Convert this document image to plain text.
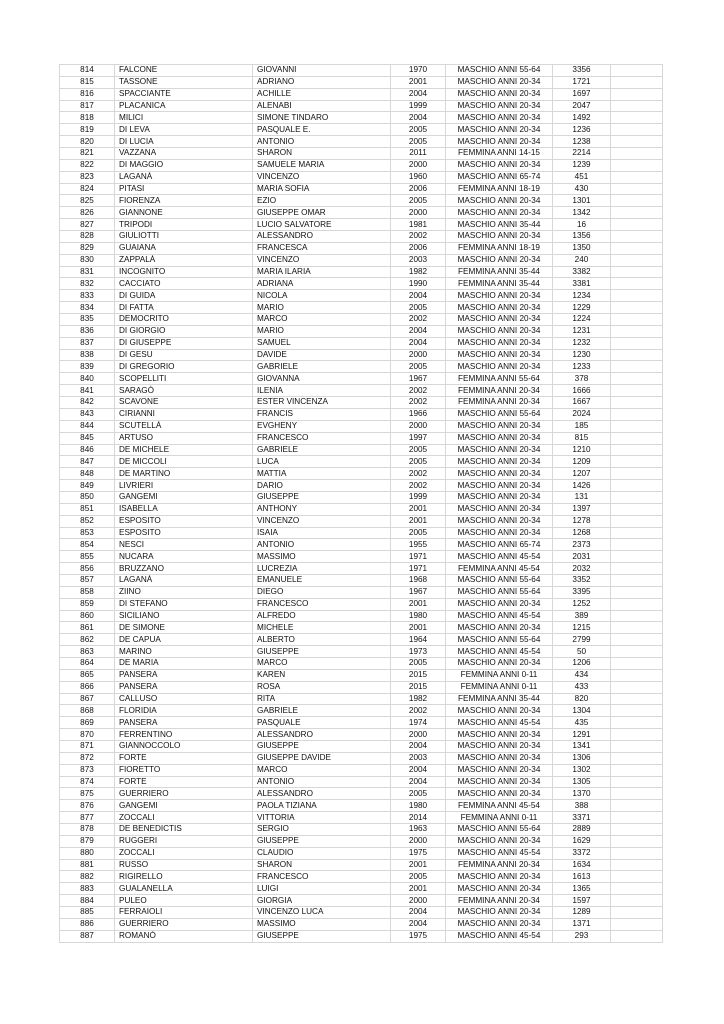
814	FALCONE	GIOVANNI	1970	MASCHIO ANNI 55-64	3356	
815	TASSONE	ADRIANO	2001	MASCHIO ANNI 20-34	1721	
816	SPACCIANTE	ACHILLE	2004	MASCHIO ANNI 20-34	1697	
817	PLACANICA	ALENABI	1999	MASCHIO ANNI 20-34	2047	
818	MILICI	SIMONE TINDARO	2004	MASCHIO ANNI 20-34	1492	
819	DI LEVA	PASQUALE E.	2005	MASCHIO ANNI 20-34	1236	
820	DI LUCIA	ANTONIO	2005	MASCHIO ANNI 20-34	1238	
821	VAZZANA	SHARON	2011	FEMMINA ANNI 14-15	2214	
822	DI MAGGIO	SAMUELE MARIA	2000	MASCHIO ANNI 20-34	1239	
823	LAGANÀ	VINCENZO	1960	MASCHIO ANNI 65-74	451	
824	PITASI	MARIA SOFIA	2006	FEMMINA ANNI 18-19	430	
825	FIORENZA	EZIO	2005	MASCHIO ANNI 20-34	1301	
826	GIANNONE	GIUSEPPE OMAR	2000	MASCHIO ANNI 20-34	1342	
827	TRIPODI	LUCIO SALVATORE	1981	MASCHIO ANNI 35-44	16	
828	GIULIOTTI	ALESSANDRO	2002	MASCHIO ANNI 20-34	1356	
829	GUAIANA	FRANCESCA	2006	FEMMINA ANNI 18-19	1350	
830	ZAPPALÀ	VINCENZO	2003	MASCHIO ANNI 20-34	240	
831	INCOGNITO	MARIA ILARIA	1982	FEMMINA ANNI 35-44	3382	
832	CACCIATO	ADRIANA	1990	FEMMINA ANNI 35-44	3381	
833	DI GUIDA	NICOLA	2004	MASCHIO ANNI 20-34	1234	
834	DI FATTA	MARIO	2005	MASCHIO ANNI 20-34	1229	
835	DEMOCRITO	MARCO	2002	MASCHIO ANNI 20-34	1224	
836	DI GIORGIO	MARIO	2004	MASCHIO ANNI 20-34	1231	
837	DI GIUSEPPE	SAMUEL	2004	MASCHIO ANNI 20-34	1232	
838	DI GESU	DAVIDE	2000	MASCHIO ANNI 20-34	1230	
839	DI GREGORIO	GABRIELE	2005	MASCHIO ANNI 20-34	1233	
840	SCOPELLITI	GIOVANNA	1967	FEMMINA ANNI 55-64	378	
841	SARAGÒ	ILENIA	2002	FEMMINA ANNI 20-34	1666	
842	SCAVONE	ESTER VINCENZA	2002	FEMMINA ANNI 20-34	1667	
843	CIRIANNI	FRANCIS	1966	MASCHIO ANNI 55-64	2024	
844	SCUTELLÀ	EVGHENY	2000	MASCHIO ANNI 20-34	185	
845	ARTUSO	FRANCESCO	1997	MASCHIO ANNI 20-34	815	
846	DE MICHELE	GABRIELE	2005	MASCHIO ANNI 20-34	1210	
847	DE MICCOLI	LUCA	2005	MASCHIO ANNI 20-34	1209	
848	DE MARTINO	MATTIA	2002	MASCHIO ANNI 20-34	1207	
849	LIVRIERI	DARIO	2002	MASCHIO ANNI 20-34	1426	
850	GANGEMI	GIUSEPPE	1999	MASCHIO ANNI 20-34	131	
851	ISABELLA	ANTHONY	2001	MASCHIO ANNI 20-34	1397	
852	ESPOSITO	VINCENZO	2001	MASCHIO ANNI 20-34	1278	
853	ESPOSITO	ISAIA	2005	MASCHIO ANNI 20-34	1268	
854	NESCI	ANTONIO	1955	MASCHIO ANNI 65-74	2373	
855	NUCARA	MASSIMO	1971	MASCHIO ANNI 45-54	2031	
856	BRUZZANO	LUCREZIA	1971	FEMMINA ANNI 45-54	2032	
857	LAGANÀ	EMANUELE	1968	MASCHIO ANNI 55-64	3352	
858	ZIINO	DIEGO	1967	MASCHIO ANNI 55-64	3395	
859	DI STEFANO	FRANCESCO	2001	MASCHIO ANNI 20-34	1252	
860	SICILIANO	ALFREDO	1980	MASCHIO ANNI 45-54	389	
861	DE SIMONE	MICHELE	2001	MASCHIO ANNI 20-34	1215	
862	DE CAPUA	ALBERTO	1964	MASCHIO ANNI 55-64	2799	
863	MARINO	GIUSEPPE	1973	MASCHIO ANNI 45-54	50	
864	DE MARIA	MARCO	2005	MASCHIO ANNI 20-34	1206	
865	PANSERA	KAREN	2015	FEMMINA ANNI 0-11	434	
866	PANSERA	ROSA	2015	FEMMINA ANNI 0-11	433	
867	CALLUSO	RITA	1982	FEMMINA ANNI 35-44	820	
868	FLORIDIA	GABRIELE	2002	MASCHIO ANNI 20-34	1304	
869	PANSERA	PASQUALE	1974	MASCHIO ANNI 45-54	435	
870	FERRENTINO	ALESSANDRO	2000	MASCHIO ANNI 20-34	1291	
871	GIANNOCCOLO	GIUSEPPE	2004	MASCHIO ANNI 20-34	1341	
872	FORTE	GIUSEPPE DAVIDE	2003	MASCHIO ANNI 20-34	1306	
873	FIORETTO	MARCO	2004	MASCHIO ANNI 20-34	1302	
874	FORTE	ANTONIO	2004	MASCHIO ANNI 20-34	1305	
875	GUERRIERO	ALESSANDRO	2005	MASCHIO ANNI 20-34	1370	
876	GANGEMI	PAOLA TIZIANA	1980	FEMMINA ANNI 45-54	388	
877	ZOCCALI	VITTORIA	2014	FEMMINA ANNI 0-11	3371	
878	DE BENEDICTIS	SERGIO	1963	MASCHIO ANNI 55-64	2889	
879	RUGGERI	GIUSEPPE	2000	MASCHIO ANNI 20-34	1629	
880	ZOCCALI	CLAUDIO	1975	MASCHIO ANNI 45-54	3372	
881	RUSSO	SHARON	2001	FEMMINA ANNI 20-34	1634	
882	RIGIRELLO	FRANCESCO	2005	MASCHIO ANNI 20-34	1613	
883	GUALANELLA	LUIGI	2001	MASCHIO ANNI 20-34	1365	
884	PULEO	GIORGIA	2000	FEMMINA ANNI 20-34	1597	
885	FERRAIOLI	VINCENZO LUCA	2004	MASCHIO ANNI 20-34	1289	
886	GUERRIERO	MASSIMO	2004	MASCHIO ANNI 20-34	1371	
887	ROMANÒ	GIUSEPPE	1975	MASCHIO ANNI 45-54	293	
